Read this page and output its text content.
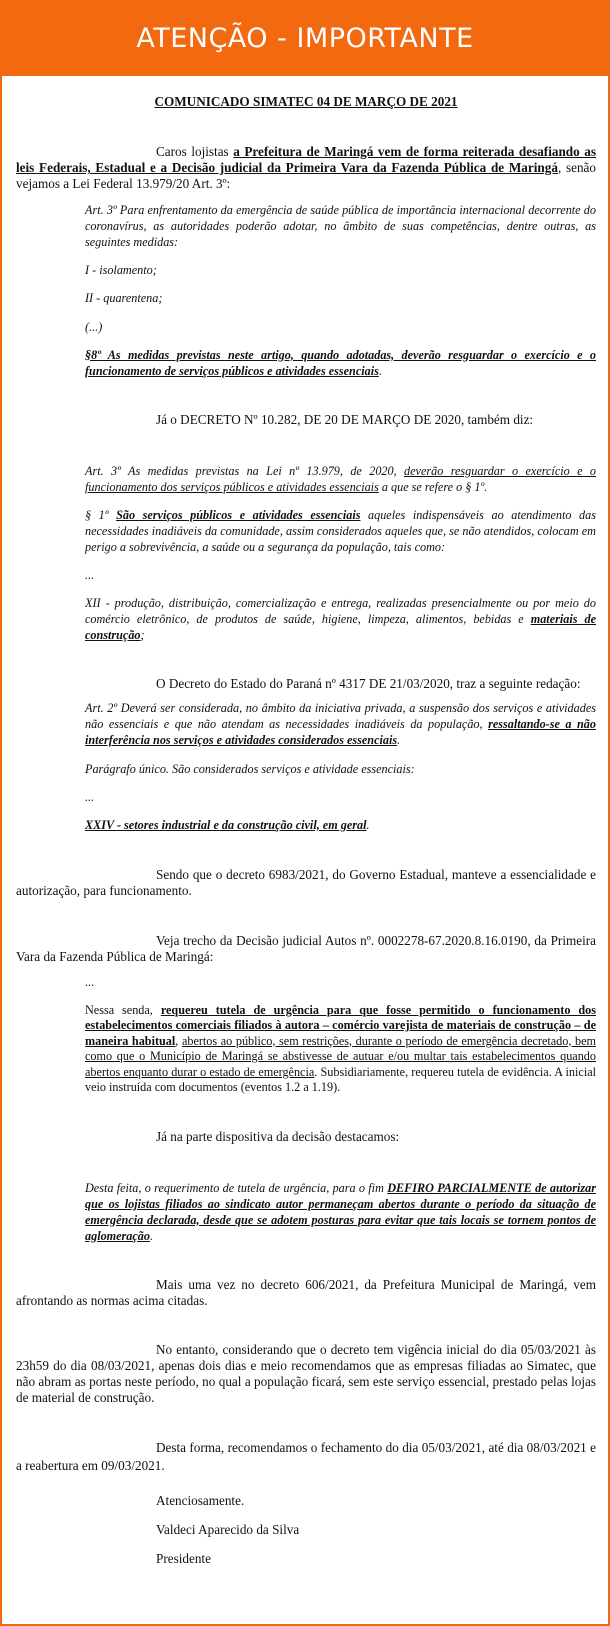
ATENÇÃO - IMPORTANTE

COMUNICADO SIMATEC 04 DE MARÇO DE 2021

Caros lojistas a Prefeitura de Maringá vem de forma reiterada desafiando as leis Federais, Estadual e a Decisão judicial da Primeira Vara da Fazenda Pública de Maringá, senão vejamos a Lei Federal 13.979/20 Art. 3º:

Art. 3º Para enfrentamento da emergência de saúde pública de importância internacional decorrente do coronavírus, as autoridades poderão adotar, no âmbito de suas competências, dentre outras, as seguintes medidas:

I - isolamento;

II - quarentena;

(...)

§8º As medidas previstas neste artigo, quando adotadas, deverão resguardar o exercício e o funcionamento de serviços públicos e atividades essenciais.

Já o DECRETO Nº 10.282, DE 20 DE MARÇO DE 2020, também diz:

Art. 3º As medidas previstas na Lei nº 13.979, de 2020, deverão resguardar o exercício e o funcionamento dos serviços públicos e atividades essenciais a que se refere o § 1º.

§ 1º São serviços públicos e atividades essenciais aqueles indispensáveis ao atendimento das necessidades inadiáveis da comunidade, assim considerados aqueles que, se não atendidos, colocam em perigo a sobrevivência, a saúde ou a segurança da população, tais como:

...

XII - produção, distribuição, comercialização e entrega, realizadas presencialmente ou por meio do comércio eletrônico, de produtos de saúde, higiene, limpeza, alimentos, bebidas e materiais de construção;

O Decreto do Estado do Paraná nº 4317 DE 21/03/2020, traz a seguinte redação:

Art. 2º Deverá ser considerada, no âmbito da iniciativa privada, a suspensão dos serviços e atividades não essenciais e que não atendam as necessidades inadiáveis da população, ressaltando-se a não interferência nos serviços e atividades considerados essenciais.

Parágrafo único. São considerados serviços e atividade essenciais:

...

XXIV - setores industrial e da construção civil, em geral.

Sendo que o decreto 6983/2021, do Governo Estadual, manteve a essencialidade e autorização, para funcionamento.

Veja trecho da Decisão judicial Autos nº. 0002278-67.2020.8.16.0190, da Primeira Vara da Fazenda Pública de Maringá:

...

Nessa senda, requereu tutela de urgência para que fosse permitido o funcionamento dos estabelecimentos comerciais filiados à autora – comércio varejista de materiais de construção – de maneira habitual, abertos ao público, sem restrições, durante o período de emergência decretado, bem como que o Município de Maringá se abstivesse de autuar e/ou multar tais estabelecimentos quando abertos enquanto durar o estado de emergência. Subsidiariamente, requereu tutela de evidência. A inicial veio instruída com documentos (eventos 1.2 a 1.19).

Já na parte dispositiva da decisão destacamos:

Desta feita, o requerimento de tutela de urgência, para o fim DEFIRO PARCIALMENTE de autorizar que os lojistas filiados ao sindicato autor permaneçam abertos durante o período da situação de emergência declarada, desde que se adotem posturas para evitar que tais locais se tornem pontos de aglomeração.

Mais uma vez no decreto 606/2021, da Prefeitura Municipal de Maringá, vem afrontando as normas acima citadas.

No entanto, considerando que o decreto tem vigência inicial do dia 05/03/2021 às 23h59 do dia 08/03/2021, apenas dois dias e meio recomendamos que as empresas filiadas ao Simatec, que não abram as portas neste período, no qual a população ficará, sem este serviço essencial, prestado pelas lojas de material de construção.

Desta forma, recomendamos o fechamento do dia 05/03/2021, até dia 08/03/2021 e a reabertura em 09/03/2021.

Atenciosamente.

Valdeci Aparecido da Silva

Presidente
